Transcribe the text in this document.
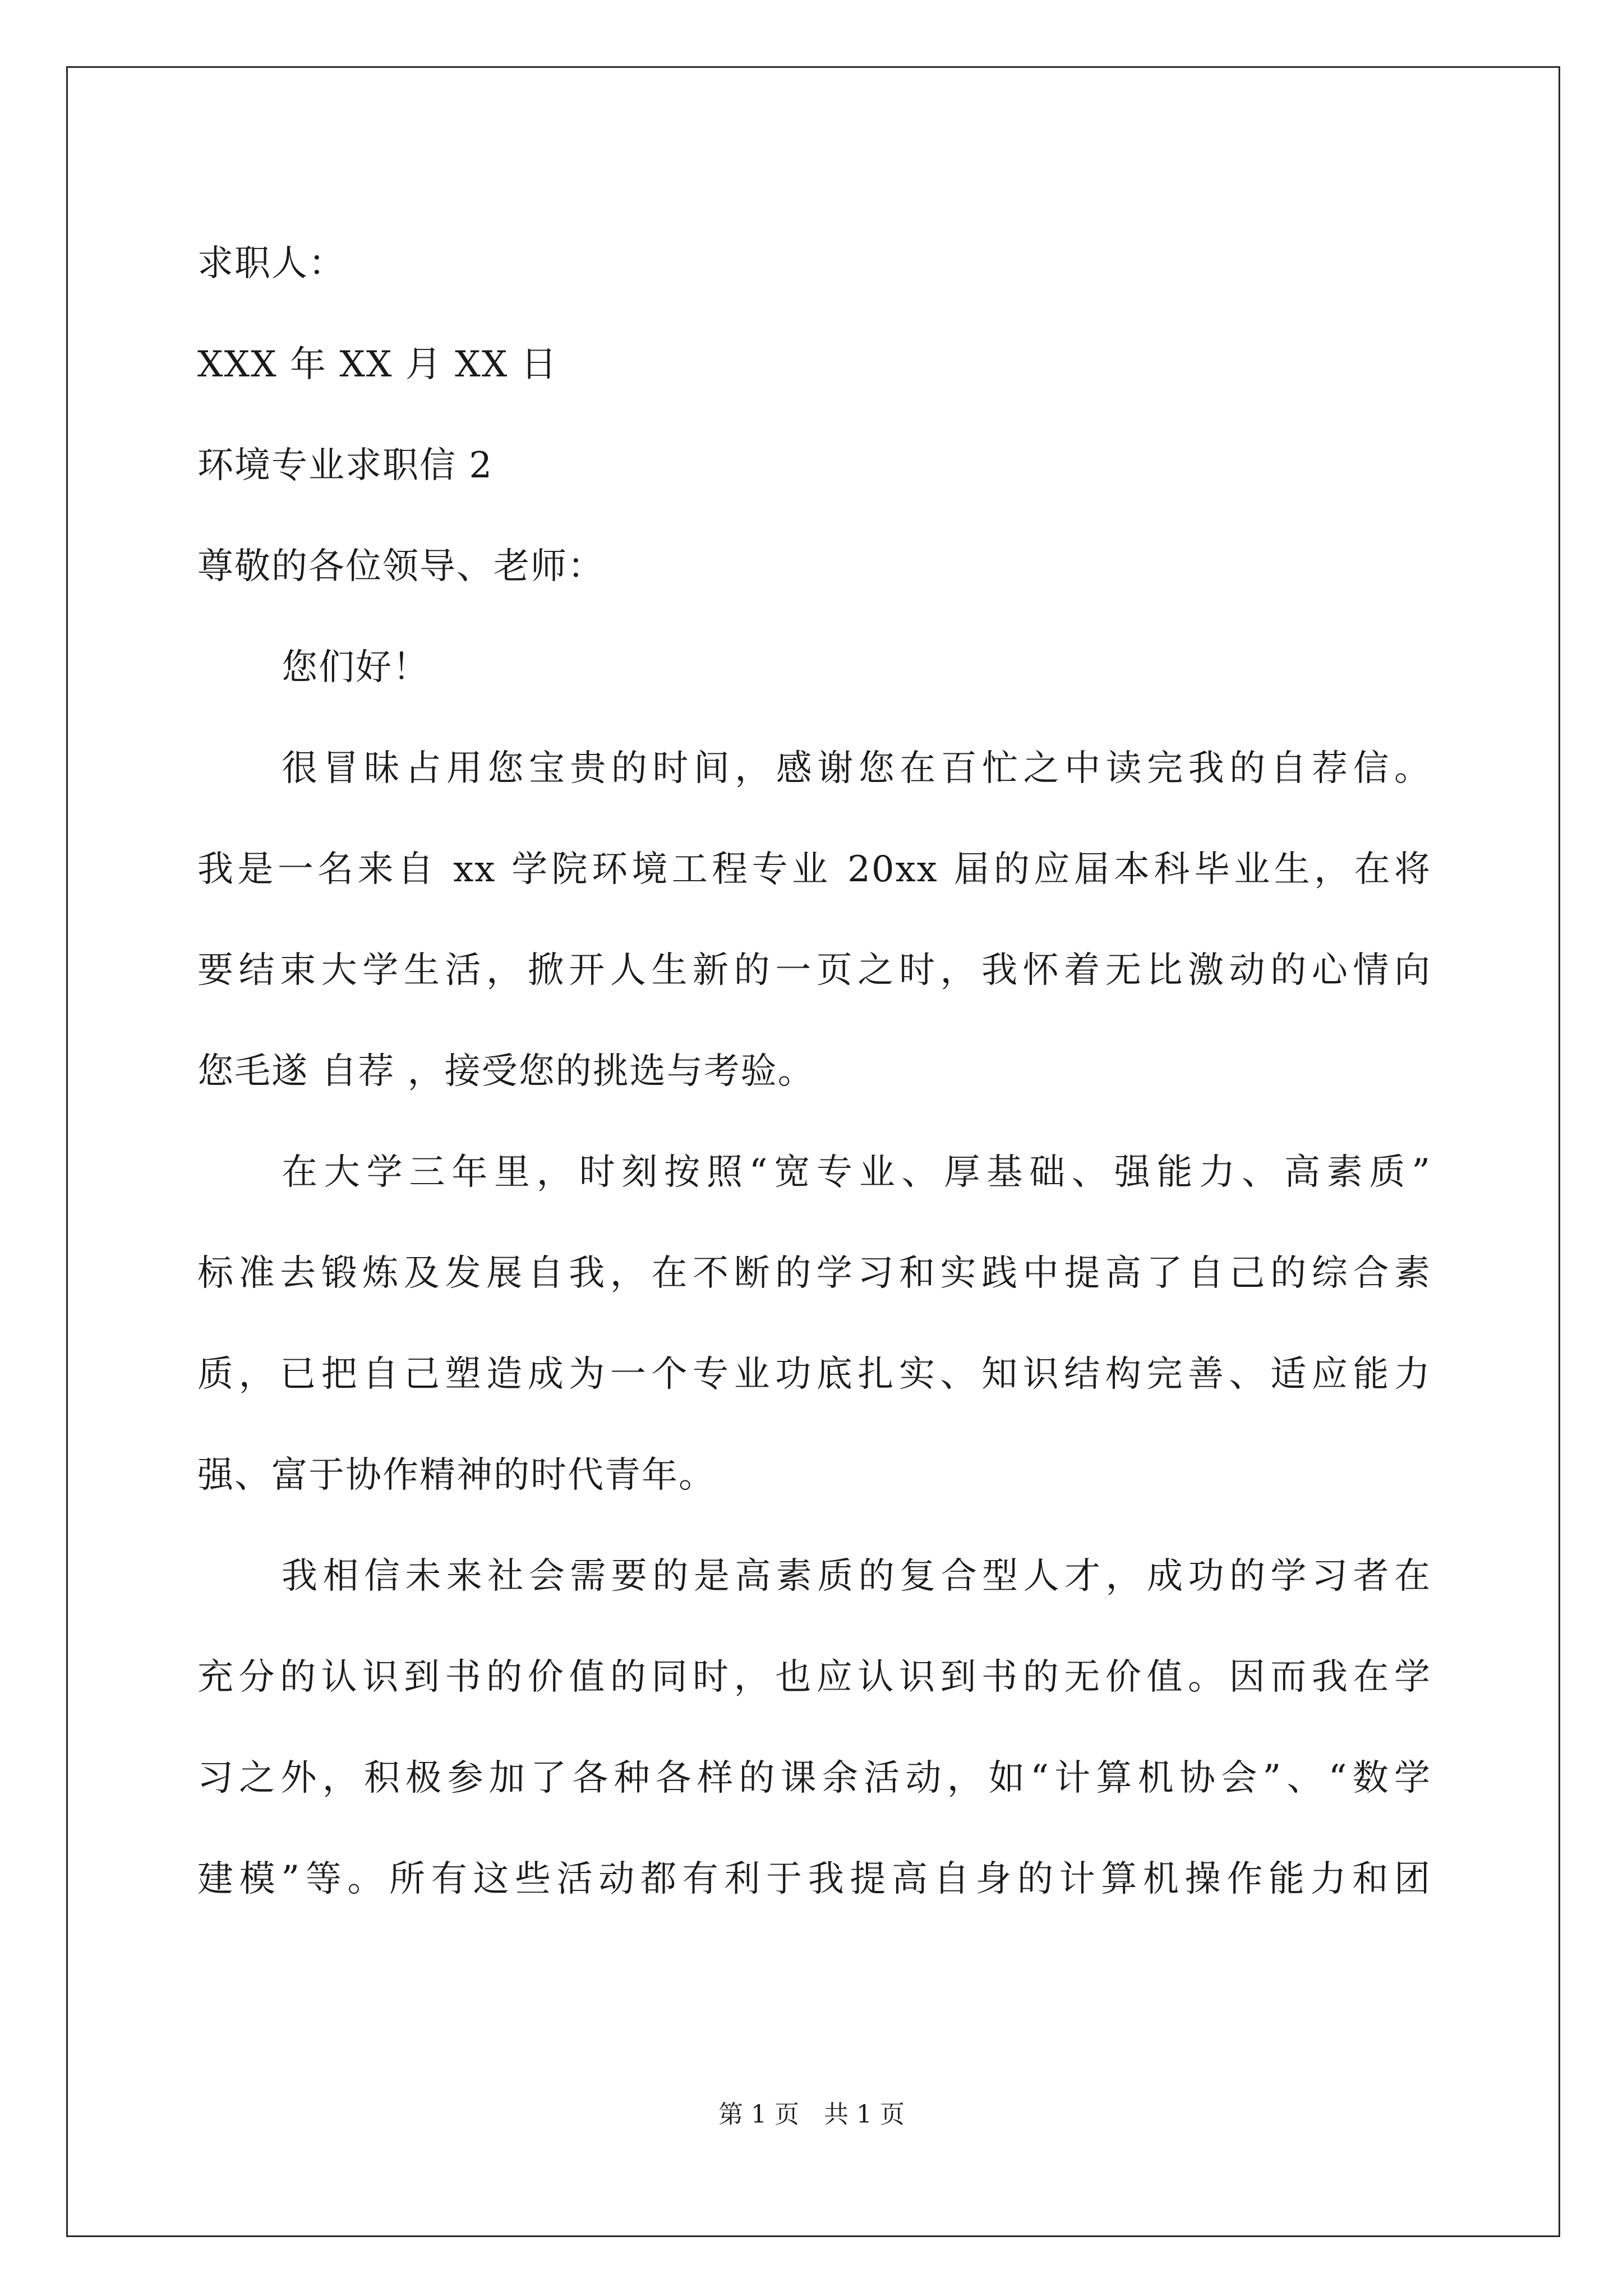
求职人：
XXX 年 XX 月 XX 日
环境专业求职信 2
尊敬的各位领导、老师：
您们好！
很冒昧占用您宝贵的时间，感谢您在百忙之中读完我的自荐信。
我是一名来自 xx 学院环境工程专业 20xx 届的应届本科毕业生，在将
要结束大学生活，掀开人生新的一页之时，我怀着无比激动的心情向
您毛遂 自荐 ，接受您的挑选与考验。
在大学三年里，时刻按照“宽专业、厚基础、强能力、高素质”
标准去锻炼及发展自我，在不断的学习和实践中提高了自己的综合素
质，已把自己塑造成为一个专业功底扎实、知识结构完善、适应能力
强、富于协作精神的时代青年。
我相信未来社会需要的是高素质的复合型人才，成功的学习者在
充分的认识到书的价值的同时，也应认识到书的无价值。因而我在学
习之外，积极参加了各种各样的课余活动，如“计算机协会”、“数学
建模”等。所有这些活动都有利于我提高自身的计算机操作能力和团
第 1 页　共 1 页
